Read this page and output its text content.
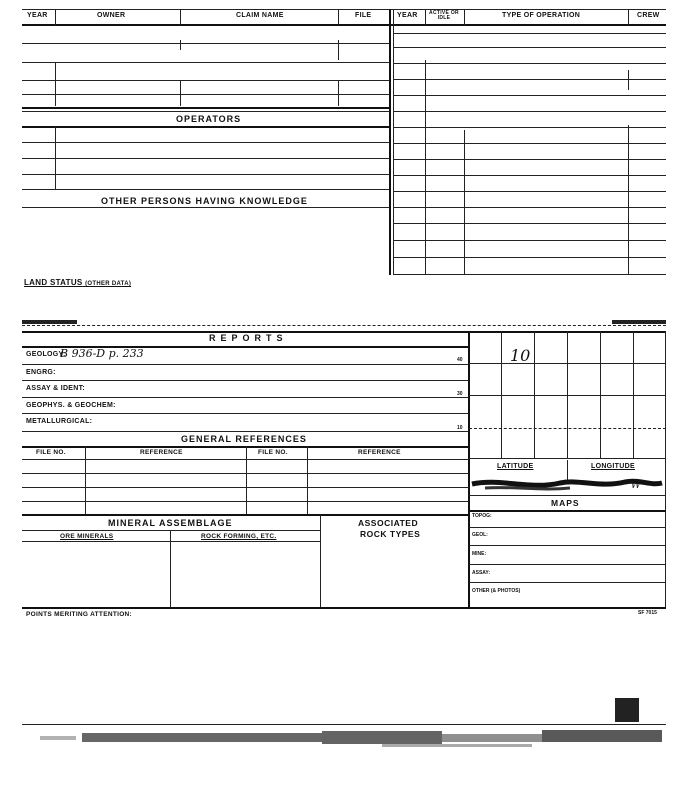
YEAR	OWNER	CLAIM NAME	FILE	YEAR ACTIVE OR IDLE	TYPE OF OPERATION	CREW
OPERATORS
OTHER PERSONS HAVING KNOWLEDGE
LAND STATUS (OTHER DATA)
REPORTS
GEOLOGY:
B 936-D p. 233	40
ENGRG:
ASSAY & IDENT:
30
GEOPHYS. & GEOCHEM:
METALLURGICAL:
10
GENERAL REFERENCES
FILE NO.	REFERENCE	FILE NO.	REFERENCE
MINERAL ASSEMBLAGE
ORE MINERALS	ROCK FORMING, ETC.
ASSOCIATED
ROCK TYPES
10
LATITUDE	LONGITUDE
'W
MAPS
TOPOG:
GEOL:
MINE:
ASSAY:
OTHER (& PHOTOS)
POINTS MERITING ATTENTION:	SF 7015
